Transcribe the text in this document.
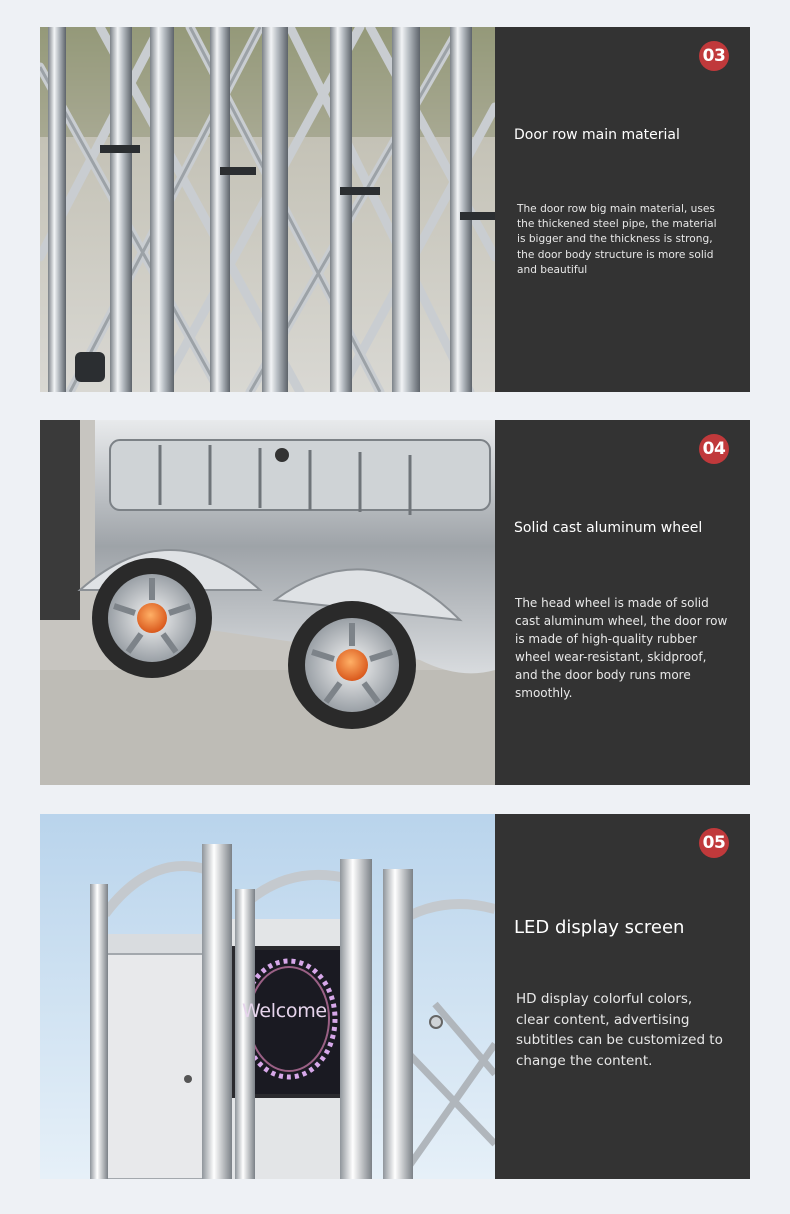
03
Door row main material
The door row big main material, uses the thickened steel pipe, the material is bigger and the thickness is strong, the door body structure is more solid and beautiful
04
Solid cast aluminum wheel
The head wheel is made of solid cast aluminum wheel, the door row is made of high-quality rubber wheel wear-resistant, skidproof, and the door body runs more smoothly.
Welcome
05
LED display screen
HD display colorful colors, clear content, advertising subtitles can be customized to change the content.
